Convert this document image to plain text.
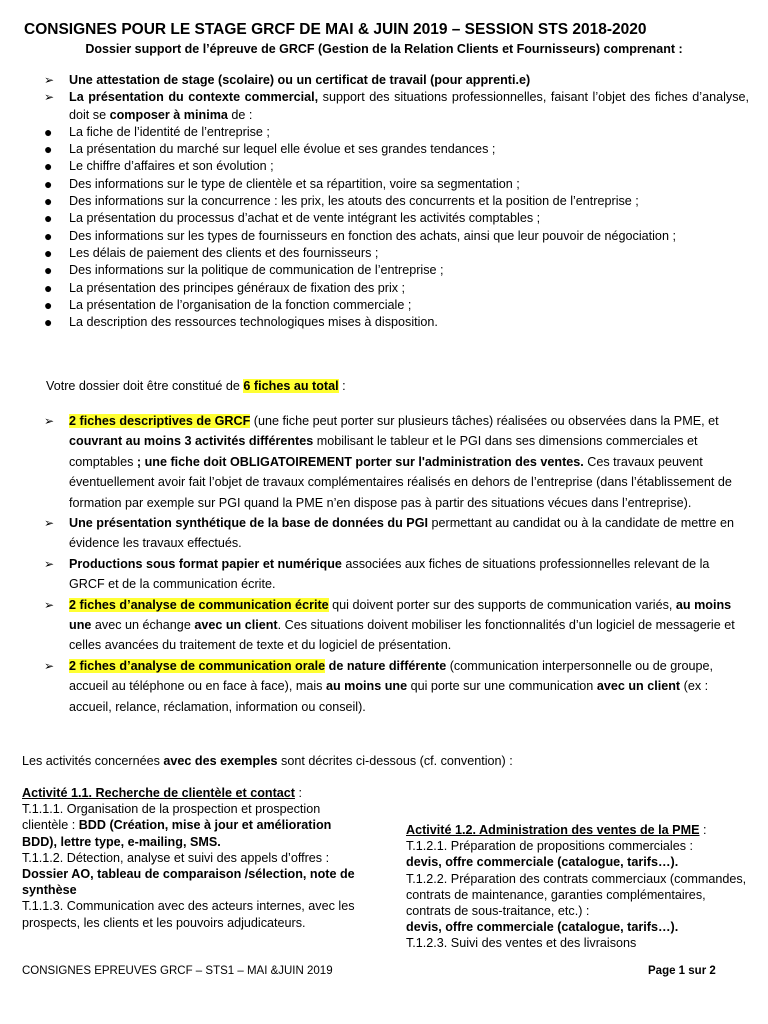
CONSIGNES POUR LE STAGE GRCF DE MAI & JUIN 2019 – SESSION STS 2018-2020
Dossier support de l’épreuve de GRCF (Gestion de la Relation Clients et Fournisseurs) comprenant :
➢	Une attestation de stage (scolaire) ou un certificat de travail (pour apprenti.e)
➢	La présentation du contexte commercial, support des situations professionnelles, faisant l’objet des fiches d’analyse, doit se composer à minima de :
●	La fiche de l’identité de l’entreprise ;
●	La présentation du marché sur lequel elle évolue et ses grandes tendances ;
●	Le chiffre d’affaires et son évolution ;
●	Des informations sur le type de clientèle et sa répartition, voire sa segmentation ;
●	Des informations sur la concurrence : les prix, les atouts des concurrents et la position de l’entreprise ;
●	La présentation du processus d’achat et de vente intégrant les activités comptables ;
●	Des informations sur les types de fournisseurs en fonction des achats, ainsi que leur pouvoir de négociation ;
●	Les délais de paiement des clients et des fournisseurs ;
●	Des informations sur la politique de communication de l’entreprise ;
●	La présentation des principes généraux de fixation des prix ;
●	La présentation de l’organisation de la fonction commerciale ;
●	La description des ressources technologiques mises à disposition.
Votre dossier doit être constitué de 6 fiches au total :
➢	2 fiches descriptives de GRCF (une fiche peut porter sur plusieurs tâches) réalisées ou observées dans la PME, et couvrant au moins 3 activités différentes mobilisant le tableur et le PGI dans ses dimensions commerciales et comptables ; une fiche doit OBLIGATOIREMENT porter sur l'administration des ventes. Ces travaux peuvent éventuellement avoir fait l’objet de travaux complémentaires réalisés en dehors de l’entreprise (dans l’établissement de formation par exemple sur PGI quand la PME n’en dispose pas à partir des situations vécues dans l’entreprise).
➢	Une présentation synthétique de la base de données du PGI permettant au candidat ou à la candidate de mettre en évidence les travaux effectués.
➢	Productions sous format papier et numérique associées aux fiches de situations professionnelles relevant de la GRCF et de la communication écrite.
➢	2 fiches d’analyse de communication écrite qui doivent porter sur des supports de communication variés, au moins une avec un échange avec un client. Ces situations doivent mobiliser les fonctionnalités d’un logiciel de messagerie et celles avancées du traitement de texte et du logiciel de présentation.
➢	2 fiches d’analyse de communication orale de nature différente (communication interpersonnelle ou de groupe, accueil au téléphone ou en face à face), mais au moins une qui porte sur une communication avec un client (ex : accueil, relance, réclamation, information ou conseil).
Les activités concernées avec des exemples sont décrites ci-dessous (cf. convention) :
Activité 1.1. Recherche de clientèle et contact :
T.1.1.1. Organisation de la prospection et prospection clientèle : BDD (Création, mise à jour et amélioration BDD), lettre type, e-mailing, SMS.
T.1.1.2. Détection, analyse et suivi des appels d’offres : Dossier AO, tableau de comparaison /sélection, note de synthèse
T.1.1.3. Communication avec des acteurs internes, avec les prospects, les clients et les pouvoirs adjudicateurs.
Activité 1.2. Administration des ventes de la PME :
T.1.2.1. Préparation de propositions commerciales :
devis, offre commerciale (catalogue, tarifs…).
T.1.2.2. Préparation des contrats commerciaux (commandes, contrats de maintenance, garanties complémentaires, contrats de sous-traitance, etc.) :
devis, offre commerciale (catalogue, tarifs…).
T.1.2.3. Suivi des ventes et des livraisons
CONSIGNES EPREUVES GRCF – STS1 – MAI &JUIN 2019	Page 1 sur 2
